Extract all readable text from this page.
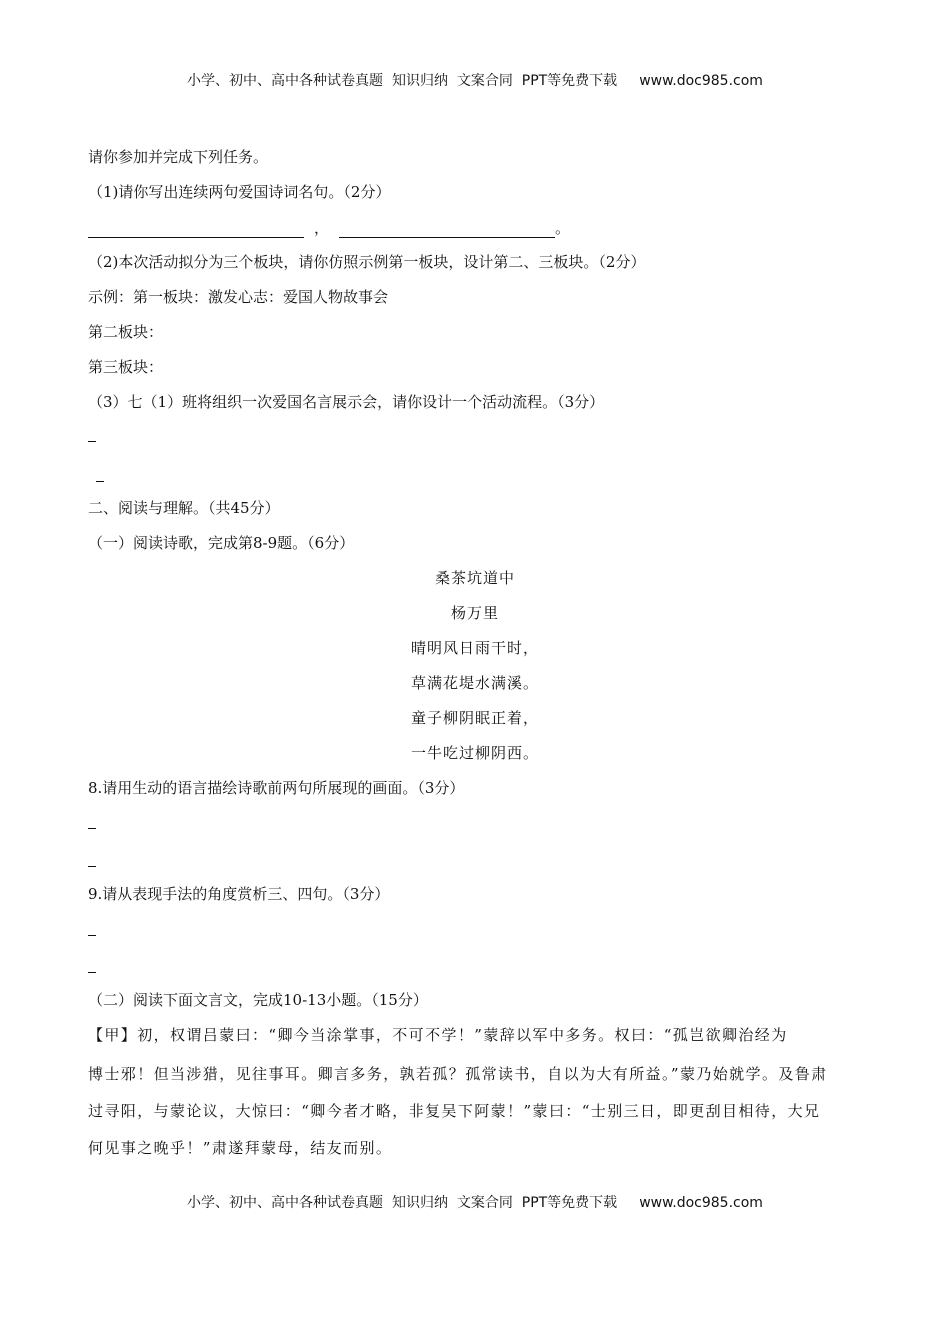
小学、初中、高中各种试卷真题  知识归纳  文案合同  PPT等免费下载 www.doc985.com
请你参加并完成下列任务。
（1)请你写出连续两句爱国诗词名句。（2分）
，	。
（2)本次活动拟分为三个板块，请你仿照示例第一板块，设计第二、三板块。（2分）
示例：第一板块：激发心志：爱国人物故事会
第二板块：
第三板块：
（3）七（1）班将组织一次爱国名言展示会，请你设计一个活动流程。（3分）
二、阅读与理解。（共45分）
（一）阅读诗歌，完成第8-9题。（6分）
桑茶坑道中
杨万里
晴明风日雨干时，
草满花堤水满溪。
童子柳阴眠正着，
一牛吃过柳阴西。
8.请用生动的语言描绘诗歌前两句所展现的画面。（3分）
9.请从表现手法的角度赏析三、四句。（3分）
（二）阅读下面文言文，完成10-13小题。（15分）
【甲】初，权谓吕蒙曰：“卿今当涂掌事，不可不学！”蒙辞以军中多务。权曰：“孤岂欲卿治经为
博士邪！但当涉猎，见往事耳。卿言多务，孰若孤？孤常读书，自以为大有所益。”蒙乃始就学。及鲁肃
过寻阳，与蒙论议，大惊曰：“卿今者才略，非复吴下阿蒙！”蒙曰：“士别三日，即更刮目相待，大兄
何见事之晚乎！”肃遂拜蒙母，结友而别。
小学、初中、高中各种试卷真题  知识归纳  文案合同  PPT等免费下载 www.doc985.com
